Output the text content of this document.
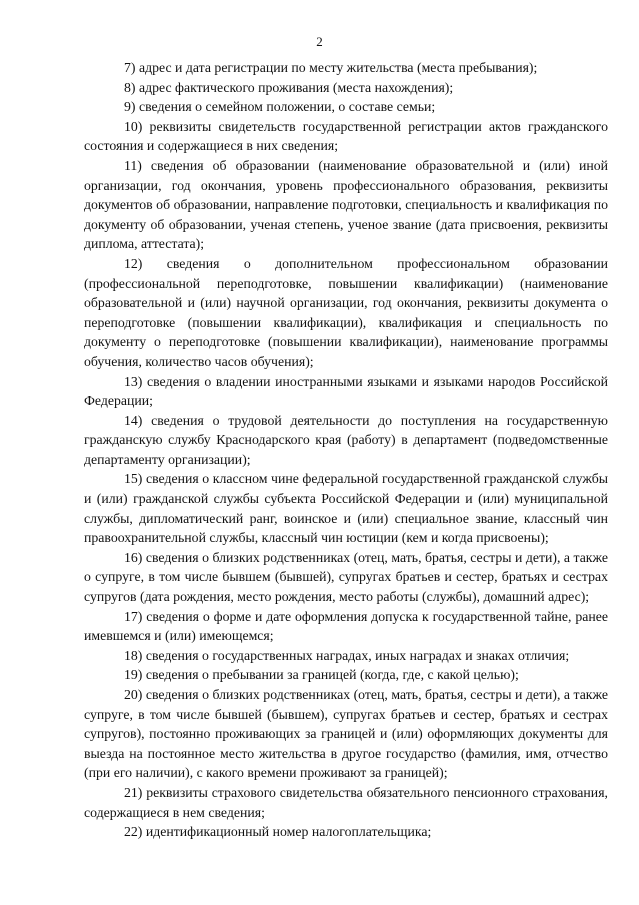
2

7) адрес и дата регистрации по месту жительства (места пребывания);

8) адрес фактического проживания (места нахождения);

9) сведения о семейном положении, о составе семьи;

10) реквизиты свидетельств государственной регистрации актов гражданского состояния и содержащиеся в них сведения;

11) сведения об образовании (наименование образовательной и (или) иной организации, год окончания, уровень профессионального образования, реквизиты документов об образовании, направление подготовки, специальность и квалификация по документу об образовании, ученая степень, ученое звание (дата присвоения, реквизиты диплома, аттестата);

12) сведения о дополнительном профессиональном образовании (профессиональной переподготовке, повышении квалификации) (наименование образовательной и (или) научной организации, год окончания, реквизиты документа о переподготовке (повышении квалификации), квалификация и специальность по документу о переподготовке (повышении квалификации), наименование программы обучения, количество часов обучения);

13) сведения о владении иностранными языками и языками народов Российской Федерации;

14) сведения о трудовой деятельности до поступления на государственную гражданскую службу Краснодарского края (работу) в департамент (подведомственные департаменту организации);

15) сведения о классном чине федеральной государственной гражданской службы и (или) гражданской службы субъекта Российской Федерации и (или) муниципальной службы, дипломатический ранг, воинское и (или) специальное звание, классный чин правоохранительной службы, классный чин юстиции (кем и когда присвоены);

16) сведения о близких родственниках (отец, мать, братья, сестры и дети), а также о супруге, в том числе бывшем (бывшей), супругах братьев и сестер, братьях и сестрах супругов (дата рождения, место рождения, место работы (службы), домашний адрес);

17) сведения о форме и дате оформления допуска к государственной тайне, ранее имевшемся и (или) имеющемся;

18) сведения о государственных наградах, иных наградах и знаках отличия;

19) сведения о пребывании за границей (когда, где, с какой целью);

20) сведения о близких родственниках (отец, мать, братья, сестры и дети), а также супруге, в том числе бывшей (бывшем), супругах братьев и сестер, братьях и сестрах супругов), постоянно проживающих за границей и (или) оформляющих документы для выезда на постоянное место жительства в другое государство (фамилия, имя, отчество (при его наличии), с какого времени проживают за границей);

21) реквизиты страхового свидетельства обязательного пенсионного страхования, содержащиеся в нем сведения;

22) идентификационный номер налогоплательщика;
